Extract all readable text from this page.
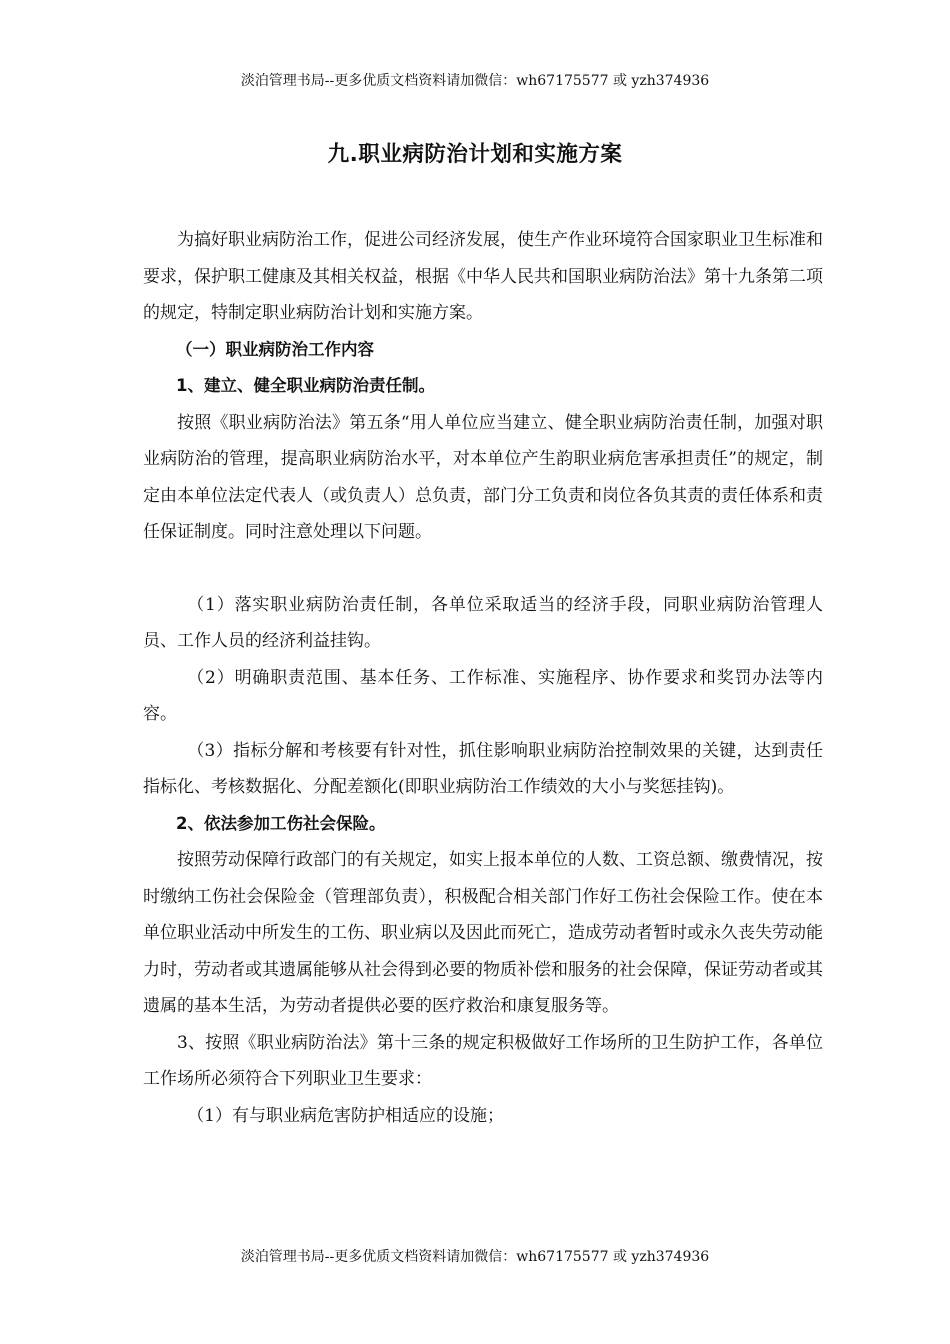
淡泊管理书局--更多优质文档资料请加微信：wh67175577 或 yzh374936
九.职业病防治计划和实施方案

为搞好职业病防治工作，促进公司经济发展，使生产作业环境符合国家职业卫生标准和要求，保护职工健康及其相关权益，根据《中华人民共和国职业病防治法》第十九条第二项的规定，特制定职业病防治计划和实施方案。

（一）职业病防治工作内容

1、建立、健全职业病防治责任制。

按照《职业病防治法》第五条“用人单位应当建立、健全职业病防治责任制，加强对职业病防治的管理，提高职业病防治水平，对本单位产生韵职业病危害承担责任”的规定，制定由本单位法定代表人（或负责人）总负责，部门分工负责和岗位各负其责的责任体系和责任保证制度。同时注意处理以下问题。

（1）落实职业病防治责任制，各单位采取适当的经济手段，同职业病防治管理人员、工作人员的经济利益挂钩。

（2）明确职责范围、基本任务、工作标准、实施程序、协作要求和奖罚办法等内容。

（3）指标分解和考核要有针对性，抓住影响职业病防治控制效果的关键，达到责任指标化、考核数据化、分配差额化(即职业病防治工作绩效的大小与奖惩挂钩)。

2、依法参加工伤社会保险。

按照劳动保障行政部门的有关规定，如实上报本单位的人数、工资总额、缴费情况，按时缴纳工伤社会保险金（管理部负责），积极配合相关部门作好工伤社会保险工作。使在本单位职业活动中所发生的工伤、职业病以及因此而死亡，造成劳动者暂时或永久丧失劳动能力时，劳动者或其遗属能够从社会得到必要的物质补偿和服务的社会保障，保证劳动者或其遗属的基本生活，为劳动者提供必要的医疗救治和康复服务等。

3、按照《职业病防治法》第十三条的规定积极做好工作场所的卫生防护工作，各单位工作场所必须符合下列职业卫生要求：

（1）有与职业病危害防护相适应的设施；

淡泊管理书局--更多优质文档资料请加微信：wh67175577 或 yzh374936
